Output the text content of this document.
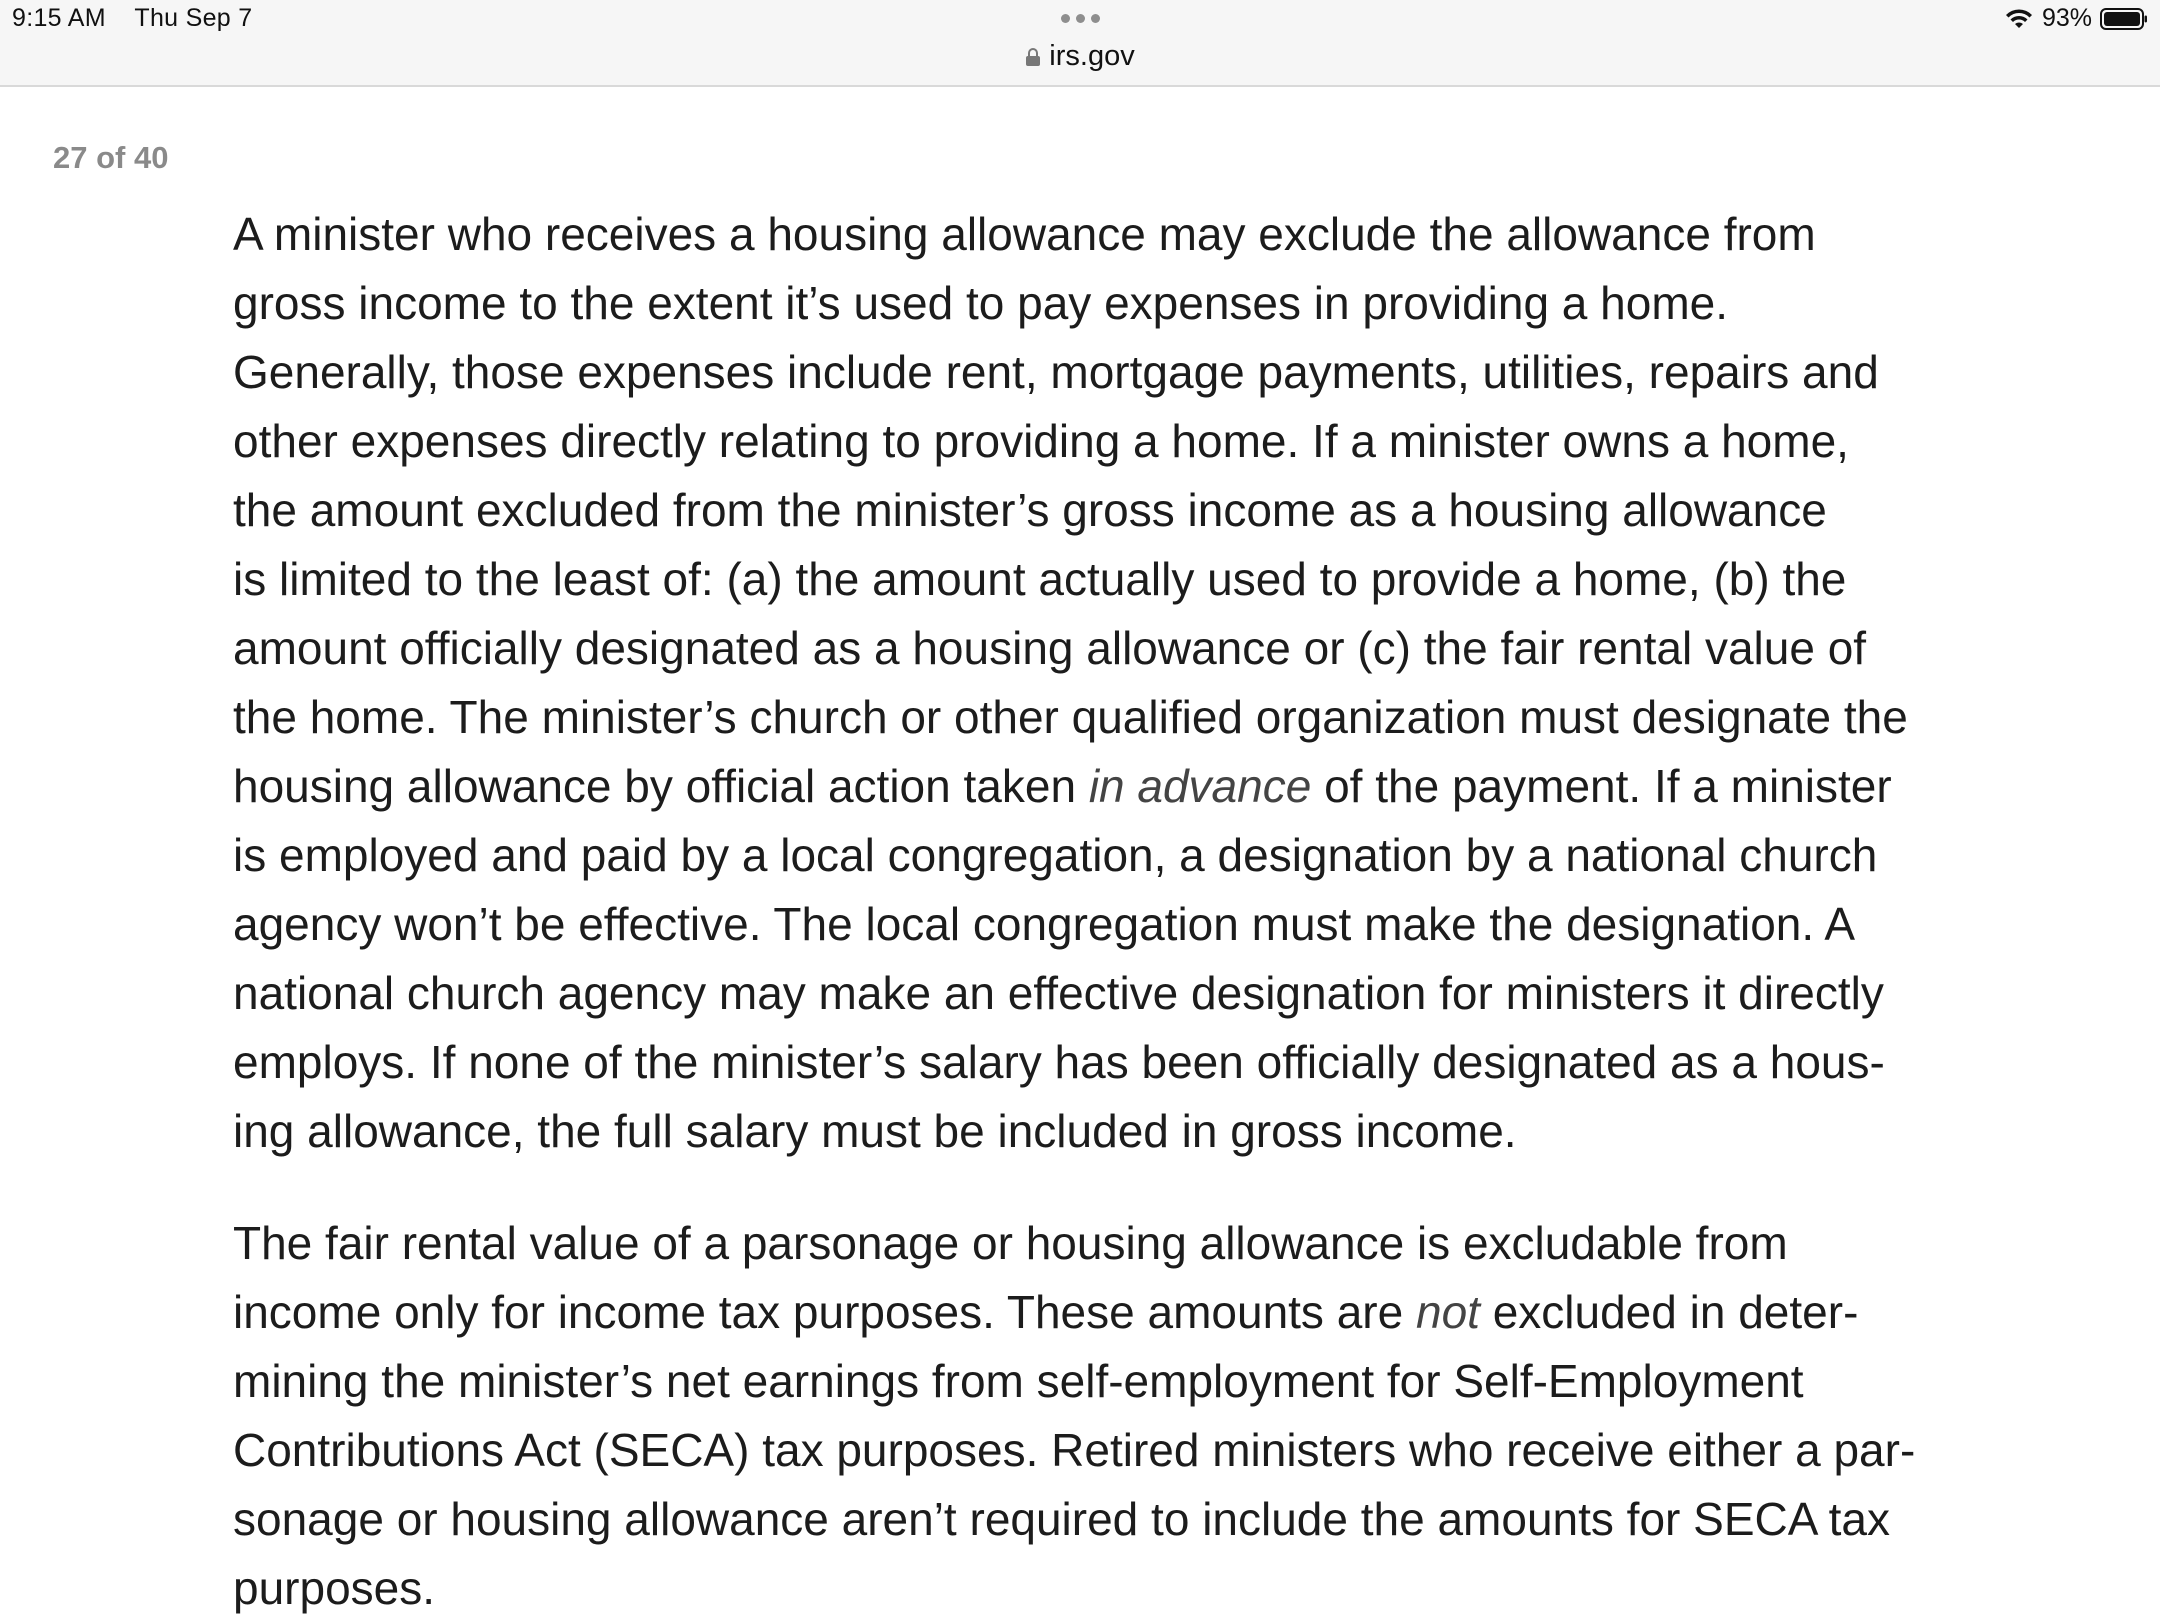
9:15 AM Thu Sep 7	93%
irs.gov
27 of 40
A minister who receives a housing allowance may exclude the allowance from
gross income to the extent it’s used to pay expenses in providing a home.
Generally, those expenses include rent, mortgage payments, utilities, repairs and
other expenses directly relating to providing a home. If a minister owns a home,
the amount excluded from the minister’s gross income as a housing allowance
is limited to the least of: (a) the amount actually used to provide a home, (b) the
amount officially designated as a housing allowance or (c) the fair rental value of
the home. The minister’s church or other qualified organization must designate the
housing allowance by official action taken in advance of the payment. If a minister
is employed and paid by a local congregation, a designation by a national church
agency won’t be effective. The local congregation must make the designation. A
national church agency may make an effective designation for ministers it directly
employs. If none of the minister’s salary has been officially designated as a hous-
ing allowance, the full salary must be included in gross income.
The fair rental value of a parsonage or housing allowance is excludable from
income only for income tax purposes. These amounts are not excluded in deter-
mining the minister’s net earnings from self-employment for Self-Employment
Contributions Act (SECA) tax purposes. Retired ministers who receive either a par-
sonage or housing allowance aren’t required to include the amounts for SECA tax
purposes.
